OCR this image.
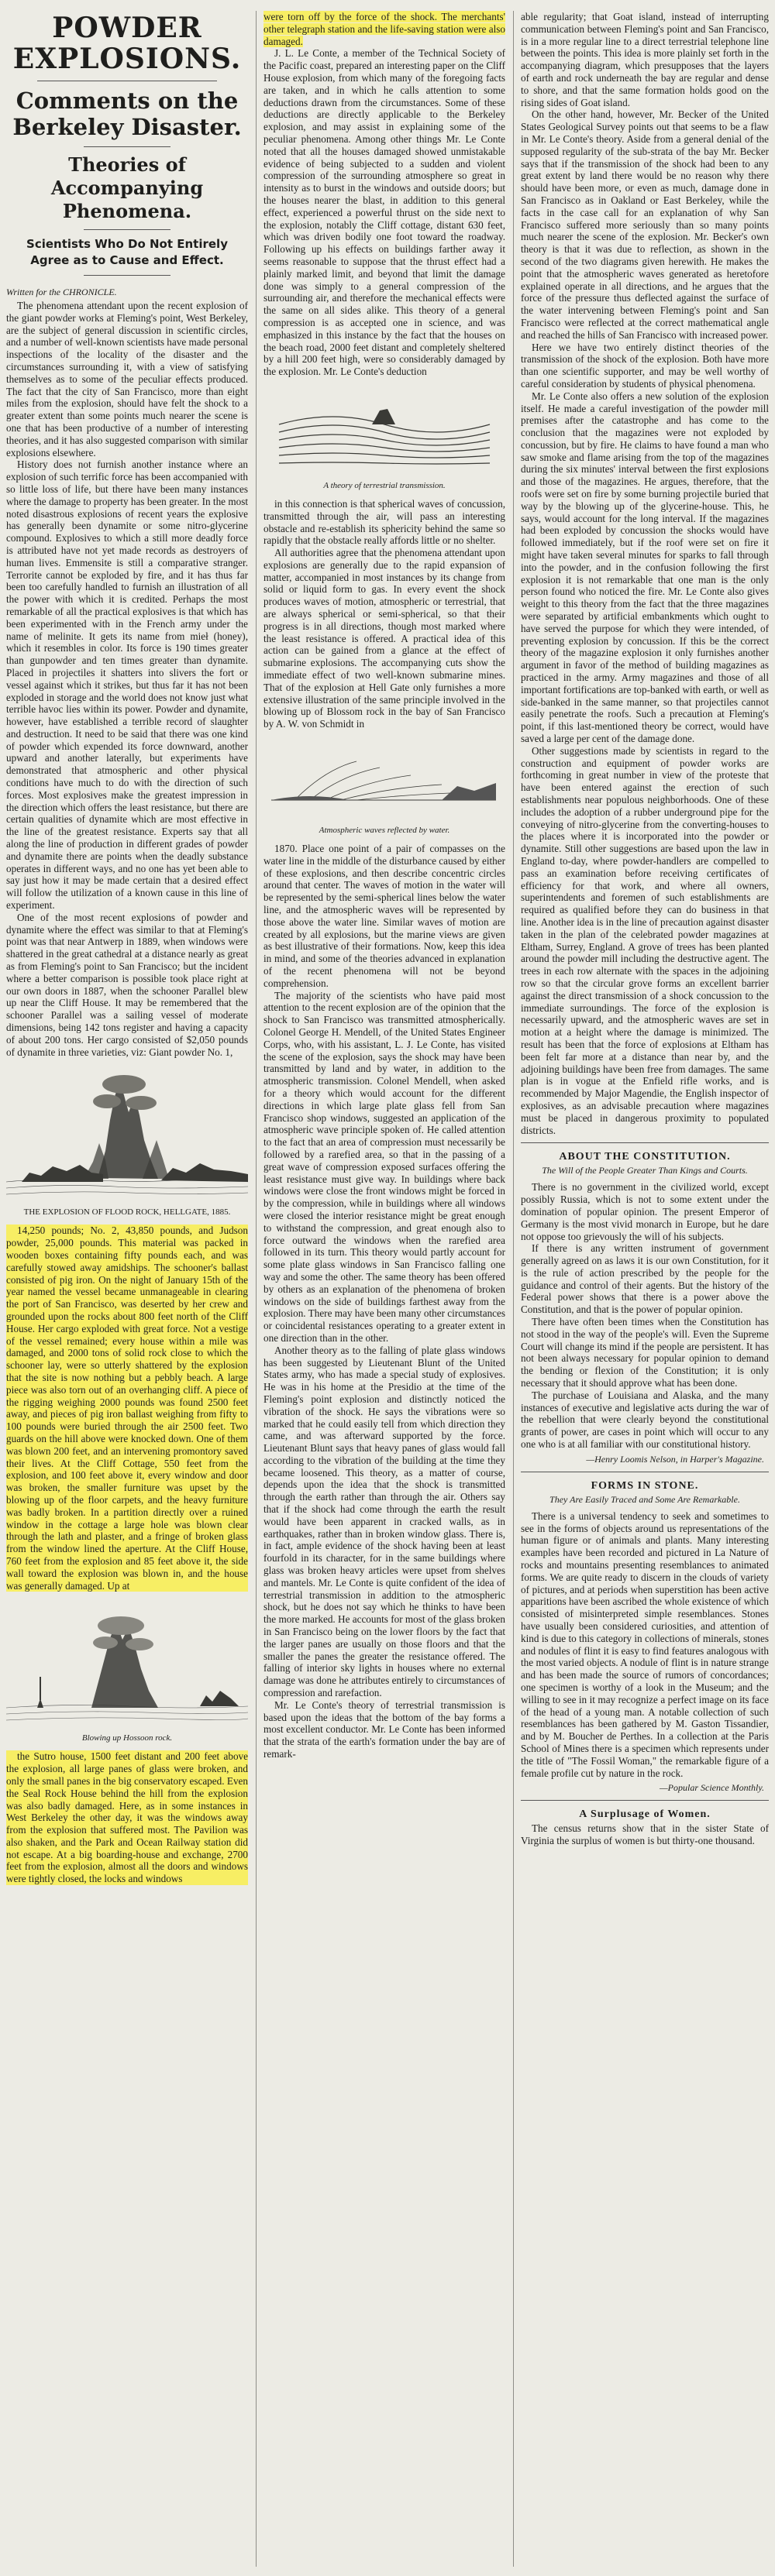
POWDER EXPLOSIONS.
Comments on the Berkeley Disaster.
Theories of Accompanying Phenomena.
Scientists Who Do Not Entirely Agree as to Cause and Effect.
Written for the CHRONICLE.

The phenomena attendant upon the recent explosion of the giant powder works at Fleming's point, West Berkeley, are the subject of general discussion in scientific circles, and a number of well-known scientists have made personal inspections of the locality of the disaster and the circumstances surrounding it, with a view of satisfying themselves as to some of the peculiar effects produced. The fact that the city of San Francisco, more than eight miles from the explosion, should have felt the shock to a greater extent than some points much nearer the scene is one that has been productive of a number of interesting theories, and it has also suggested comparison with similar explosions elsewhere.

History does not furnish another instance where an explosion of such terrific force has been accompanied with so little loss of life, but there have been many instances where the damage to property has been greater. In the most noted disastrous explosions of recent years the explosive has generally been dynamite or some nitro-glycerine compound. Explosives to which a still more deadly force is attributed have not yet made records as destroyers of human lives. Emmensite is still a comparative stranger. Terrorite cannot be exploded by fire, and it has thus far been too carefully handled to furnish an illustration of all the power with which it is credited. Perhaps the most remarkable of all the practical explosives is that which has been experimented with in the French army under the name of melinite. It gets its name from mieł (honey), which it resembles in color. Its force is 190 times greater than gunpowder and ten times greater than dynamite. Placed in projectiles it shatters into slivers the fort or vessel against which it strikes, but thus far it has not been exploded in storage and the world does not know just what terrible havoc lies within its power. Powder and dynamite, however, have established a terrible record of slaughter and destruction. It need to be said that there was one kind of powder which expended its force downward, another upward and another laterally, but experiments have demonstrated that atmospheric and other physical conditions have much to do with the direction of such forces. Most explosives make the greatest impression in the direction which offers the least resistance, but there are certain qualities of dynamite which are most effective in the line of the greatest resistance. Experts say that all along the line of production in different grades of powder and dynamite there are points when the deadly substance operates in different ways, and no one has yet been able to say just how it may be made certain that a desired effect will follow the utilization of a known cause in this line of experiment.

One of the most recent explosions of powder and dynamite where the effect was similar to that at Fleming's point was that near Antwerp in 1889, when windows were shattered in the great cathedral at a distance nearly as great as from Fleming's point to San Francisco; but the incident where a better comparison is possible took place right at our own doors in 1887, when the schooner Parallel blew up near the Cliff House. It may be remembered that the schooner Parallel was a sailing vessel of moderate dimensions, being 142 tons register and having a capacity of about 200 tons. Her cargo consisted of $2,050 pounds of dynamite in three varieties, viz: Giant powder No. 1,

THE EXPLOSION OF FLOOD ROCK, HELLGATE, 1885.

14,250 pounds; No. 2, 43,850 pounds, and Judson powder, 25,000 pounds. This material was packed in wooden boxes containing fifty pounds each, and was carefully stowed away amidships. The schooner's ballast consisted of pig iron. On the night of January 15th of the year named the vessel became unmanageable in clearing the port of San Francisco, was deserted by her crew and grounded upon the rocks about 800 feet north of the Cliff House. Her cargo exploded with great force. Not a vestige of the vessel remained; every house within a mile was damaged, and 2000 tons of solid rock close to which the schooner lay, were so utterly shattered by the explosion that the site is now nothing but a pebbly beach. A large piece was also torn out of an overhanging cliff. A piece of the rigging weighing 2000 pounds was found 2500 feet away, and pieces of pig iron ballast weighing from fifty to 100 pounds were buried through the air 2500 feet. Two guards on the hill above were knocked down. One of them was blown 200 feet, and an intervening promontory saved their lives. At the Cliff Cottage, 550 feet from the explosion, and 100 feet above it, every window and door was broken, the smaller furniture was upset by the blowing up of the floor carpets, and the heavy furniture was badly broken. In a partition directly over a ruined window in the cottage a large hole was blown clear through the lath and plaster, and a fringe of broken glass from the window lined the aperture. At the Cliff House, 760 feet from the explosion and 85 feet above it, the side wall toward the explosion was blown in, and the house was generally damaged. Up at

Blowing up Hossoon rock.

the Sutro house, 1500 feet distant and 200 feet above the explosion, all large panes of glass were broken, and only the small panes in the big conservatory escaped. Even the Seal Rock House behind the hill from the explosion was also badly damaged. Here, as in some instances in West Berkeley the other day, it was the windows away from the explosion that suffered most. The Pavilion was also shaken, and the Park and Ocean Railway station did not escape. At a big boarding-house and exchange, 2700 feet from the explosion, almost all the doors and windows were tightly closed, the locks and windows

were torn off by the force of the shock. The merchants' other telegraph station and the life-saving station were also damaged.

J. L. Le Conte, a member of the Technical Society of the Pacific coast, prepared an interesting paper on the Cliff House explosion, from which many of the foregoing facts are taken, and in which he calls attention to some deductions drawn from the circumstances. Some of these deductions are directly applicable to the Berkeley explosion, and may assist in explaining some of the peculiar phenomena. Among other things Mr. Le Conte noted that all the houses damaged showed unmistakable evidence of being subjected to a sudden and violent compression of the surrounding atmosphere so great in intensity as to burst in the windows and outside doors; but the houses nearer the blast, in addition to this general effect, experienced a powerful thrust on the side next to the explosion, notably the Cliff cottage, distant 630 feet, which was driven bodily one foot toward the roadway. Following up his effects on buildings farther away it seems reasonable to suppose that the thrust effect had a plainly marked limit, and beyond that limit the damage done was simply to a general compression of the surrounding air, and therefore the mechanical effects were the same on all sides alike. This theory of a general compression is as accepted one in science, and was emphasized in this instance by the fact that the houses on the beach road, 2000 feet distant and completely sheltered by a hill 200 feet high, were so considerably damaged by the explosion. Mr. Le Conte's deduction

A theory of terrestrial transmission.

in this connection is that spherical waves of concussion, transmitted through the air, will pass an interesting obstacle and re-establish its sphericity behind the same so rapidly that the obstacle really affords little or no shelter.

All authorities agree that the phenomena attendant upon explosions are generally due to the rapid expansion of matter, accompanied in most instances by its change from solid or liquid form to gas. In every event the shock produces waves of motion, atmospheric or terrestrial, that are always spherical or semi-spherical, so that their progress is in all directions, though most marked where the least resistance is offered. A practical idea of this action can be gained from a glance at the effect of submarine explosions. The accompanying cuts show the immediate effect of two well-known submarine mines. That of the explosion at Hell Gate only furnishes a more extensive illustration of the same principle involved in the blowing up of Blossom rock in the bay of San Francisco by A. W. von Schmidt in

Atmospheric waves reflected by water.

1870. Place one point of a pair of compasses on the water line in the middle of the disturbance caused by either of these explosions, and then describe concentric circles around that center. The waves of motion in the water will be represented by the semi-spherical lines below the water line, and the atmospheric waves will be represented by those above the water line. Similar waves of motion are created by all explosions, but the marine views are given as best illustrative of their formations. Now, keep this idea in mind, and some of the theories advanced in explanation of the recent phenomena will not be beyond comprehension.

The majority of the scientists who have paid most attention to the recent explosion are of the opinion that the shock to San Francisco was transmitted atmospherically. Colonel George H. Mendell, of the United States Engineer Corps, who, with his assistant, L. J. Le Conte, has visited the scene of the explosion, says the shock may have been transmitted by land and by water, in addition to the atmospheric transmission. Colonel Mendell, when asked for a theory which would account for the different directions in which large plate glass fell from San Francisco shop windows, suggested an application of the atmospheric wave principle spoken of. He called attention to the fact that an area of compression must necessarily be followed by a rarefied area, so that in the passing of a great wave of compression exposed surfaces offering the least resistance must give way. In buildings where back windows were close the front windows might be forced in by the compression, while in buildings where all windows were closed the interior resistance might be great enough to withstand the compression, and great enough also to force outward the windows when the rarefied area followed in its turn. This theory would partly account for some plate glass windows in San Francisco falling one way and some the other. The same theory has been offered by others as an explanation of the phenomena of broken windows on the side of buildings farthest away from the explosion. There may have been many other circumstances or coincidental resistances operating to a greater extent in one direction than in the other.

Another theory as to the falling of plate glass windows has been suggested by Lieutenant Blunt of the United States army, who has made a special study of explosives. He was in his home at the Presidio at the time of the Fleming's point explosion and distinctly noticed the vibration of the shock. He says the vibrations were so marked that he could easily tell from which direction they came, and was afterward supported by the force. Lieutenant Blunt says that heavy panes of glass would fall according to the vibration of the building at the time they became loosened. This theory, as a matter of course, depends upon the idea that the shock is transmitted through the earth rather than through the air. Others say that if the shock had come through the earth the result would have been apparent in cracked walls, as in earthquakes, rather than in broken window glass. There is, in fact, ample evidence of the shock having been at least fourfold in its character, for in the same buildings where glass was broken heavy articles were upset from shelves and mantels. Mr. Le Conte is quite confident of the idea of terrestrial transmission in addition to the atmospheric shock, but he does not say which he thinks to have been the more marked. He accounts for most of the glass broken in San Francisco being on the lower floors by the fact that the larger panes are usually on those floors and that the smaller the panes the greater the resistance offered. The falling of interior sky lights in houses where no external damage was done he attributes entirely to circumstances of compression and rarefaction.

Mr. Le Conte's theory of terrestrial transmission is based upon the ideas that the bottom of the bay forms a most excellent conductor. Mr. Le Conte has been informed that the strata of the earth's formation under the bay are of remark-

able regularity; that Goat island, instead of interrupting communication between Fleming's point and San Francisco, is in a more regular line to a direct terrestrial telephone line between the points. This idea is more plainly set forth in the accompanying diagram, which presupposes that the layers of earth and rock underneath the bay are regular and dense to shore, and that the same formation holds good on the rising sides of Goat island.

On the other hand, however, Mr. Becker of the United States Geological Survey points out that seems to be a flaw in Mr. Le Conte's theory. Aside from a general denial of the supposed regularity of the sub-strata of the bay Mr. Becker says that if the transmission of the shock had been to any great extent by land there would be no reason why there should have been more, or even as much, damage done in San Francisco as in Oakland or East Berkeley, while the facts in the case call for an explanation of why San Francisco suffered more seriously than so many points much nearer the scene of the explosion. Mr. Becker's own theory is that it was due to reflection, as shown in the second of the two diagrams given herewith. He makes the point that the atmospheric waves generated as heretofore explained operate in all directions, and he argues that the force of the pressure thus deflected against the surface of the water intervening between Fleming's point and San Francisco were reflected at the correct mathematical angle and reached the hills of San Francisco with increased power.

Here we have two entirely distinct theories of the transmission of the shock of the explosion. Both have more than one scientific supporter, and may be well worthy of careful consideration by students of physical phenomena.

Mr. Le Conte also offers a new solution of the explosion itself. He made a careful investigation of the powder mill premises after the catastrophe and has come to the conclusion that the magazines were not exploded by concussion, but by fire. He claims to have found a man who saw smoke and flame arising from the top of the magazines during the six minutes' interval between the first explosions and those of the magazines. He argues, therefore, that the roofs were set on fire by some burning projectile buried that way by the blowing up of the glycerine-house. This, he says, would account for the long interval. If the magazines had been exploded by concussion the shocks would have followed immediately, but if the roof were set on fire it might have taken several minutes for sparks to fall through into the powder, and in the confusion following the first explosion it is not remarkable that one man is the only person found who noticed the fire. Mr. Le Conte also gives weight to this theory from the fact that the three magazines were separated by artificial embankments which ought to have served the purpose for which they were intended, of preventing explosion by concussion. If this be the correct theory of the magazine explosion it only furnishes another argument in favor of the method of building magazines as practiced in the army. Army magazines and those of all important fortifications are top-banked with earth, or well as side-banked in the same manner, so that projectiles cannot easily penetrate the roofs. Such a precaution at Fleming's point, if this last-mentioned theory be correct, would have saved a large per cent of the damage done.

Other suggestions made by scientists in regard to the construction and equipment of powder works are forthcoming in great number in view of the proteste that have been entered against the erection of such establishments near populous neighborhoods. One of these includes the adoption of a rubber underground pipe for the conveying of nitro-glycerine from the converting-houses to the places where it is incorporated into the powder or dynamite. Still other suggestions are based upon the law in England to-day, where powder-handlers are compelled to pass an examination before receiving certificates of efficiency for that work, and where all owners, superintendents and foremen of such establishments are required as qualified before they can do business in that line. Another idea is in the line of precaution against disaster taken in the plan of the celebrated powder magazines at Eltham, Surrey, England. A grove of trees has been planted around the powder mill including the destructive agent. The trees in each row alternate with the spaces in the adjoining row so that the circular grove forms an excellent barrier against the direct transmission of a shock concussion to the immediate surroundings. The force of the explosion is necessarily upward, and the atmospheric waves are set in motion at a height where the damage is minimized. The result has been that the force of explosions at Eltham has been felt far more at a distance than near by, and the adjoining buildings have been free from damages. The same plan is in vogue at the Enfield rifle works, and is recommended by Major Magendie, the English inspector of explosives, as an advisable precaution where magazines must be placed in dangerous proximity to populated districts.

ABOUT THE CONSTITUTION.
The Will of the People Greater Than Kings and Courts.

There is no government in the civilized world, except possibly Russia, which is not to some extent under the domination of popular opinion. The present Emperor of Germany is the most vivid monarch in Europe, but he dare not oppose too grievously the will of his subjects.

If there is any written instrument of government generally agreed on as laws it is our own Constitution, for it is the rule of action prescribed by the people for the guidance and control of their agents. But the history of the Federal power shows that there is a power above the Constitution, and that is the power of popular opinion.

There have often been times when the Constitution has not stood in the way of the people's will. Even the Supreme Court will change its mind if the people are persistent. It has not been always necessary for popular opinion to demand the bending or flexion of the Constitution; it is only necessary that it should approve what has been done.

The purchase of Louisiana and Alaska, and the many instances of executive and legislative acts during the war of the rebellion that were clearly beyond the constitutional grants of power, are cases in point which will occur to any one who is at all familiar with our constitutional history.

—Henry Loomis Nelson, in Harper's Magazine.
FORMS IN STONE.
They Are Easily Traced and Some Are Remarkable.

There is a universal tendency to seek and sometimes to see in the forms of objects around us representations of the human figure or of animals and plants. Many interesting examples have been recorded and pictured in La Nature of rocks and mountains presenting resemblances to animated forms. We are quite ready to discern in the clouds of variety of pictures, and at periods when superstition has been active apparitions have been ascribed the whole existence of which consisted of misinterpreted simple resemblances. Stones have usually been considered curiosities, and attention of kind is due to this category in collections of minerals, stones and nodules of flint it is easy to find features analogous with the most varied objects. A nodule of flint is in nature strange and has been made the source of rumors of concordances; one specimen is worthy of a look in the Museum; and the willing to see in it may recognize a perfect image on its face of the head of a young man. A notable collection of such resemblances has been gathered by M. Gaston Tissandier, and by M. Boucher de Perthes. In a collection at the Paris School of Mines there is a specimen which represents under the title of "The Fossil Woman," the remarkable figure of a female profile cut by nature in the rock.

—Popular Science Monthly.
A Surplusage of Women.

The census returns show that in the sister State of Virginia the surplus of women is but thirty-one thousand.
